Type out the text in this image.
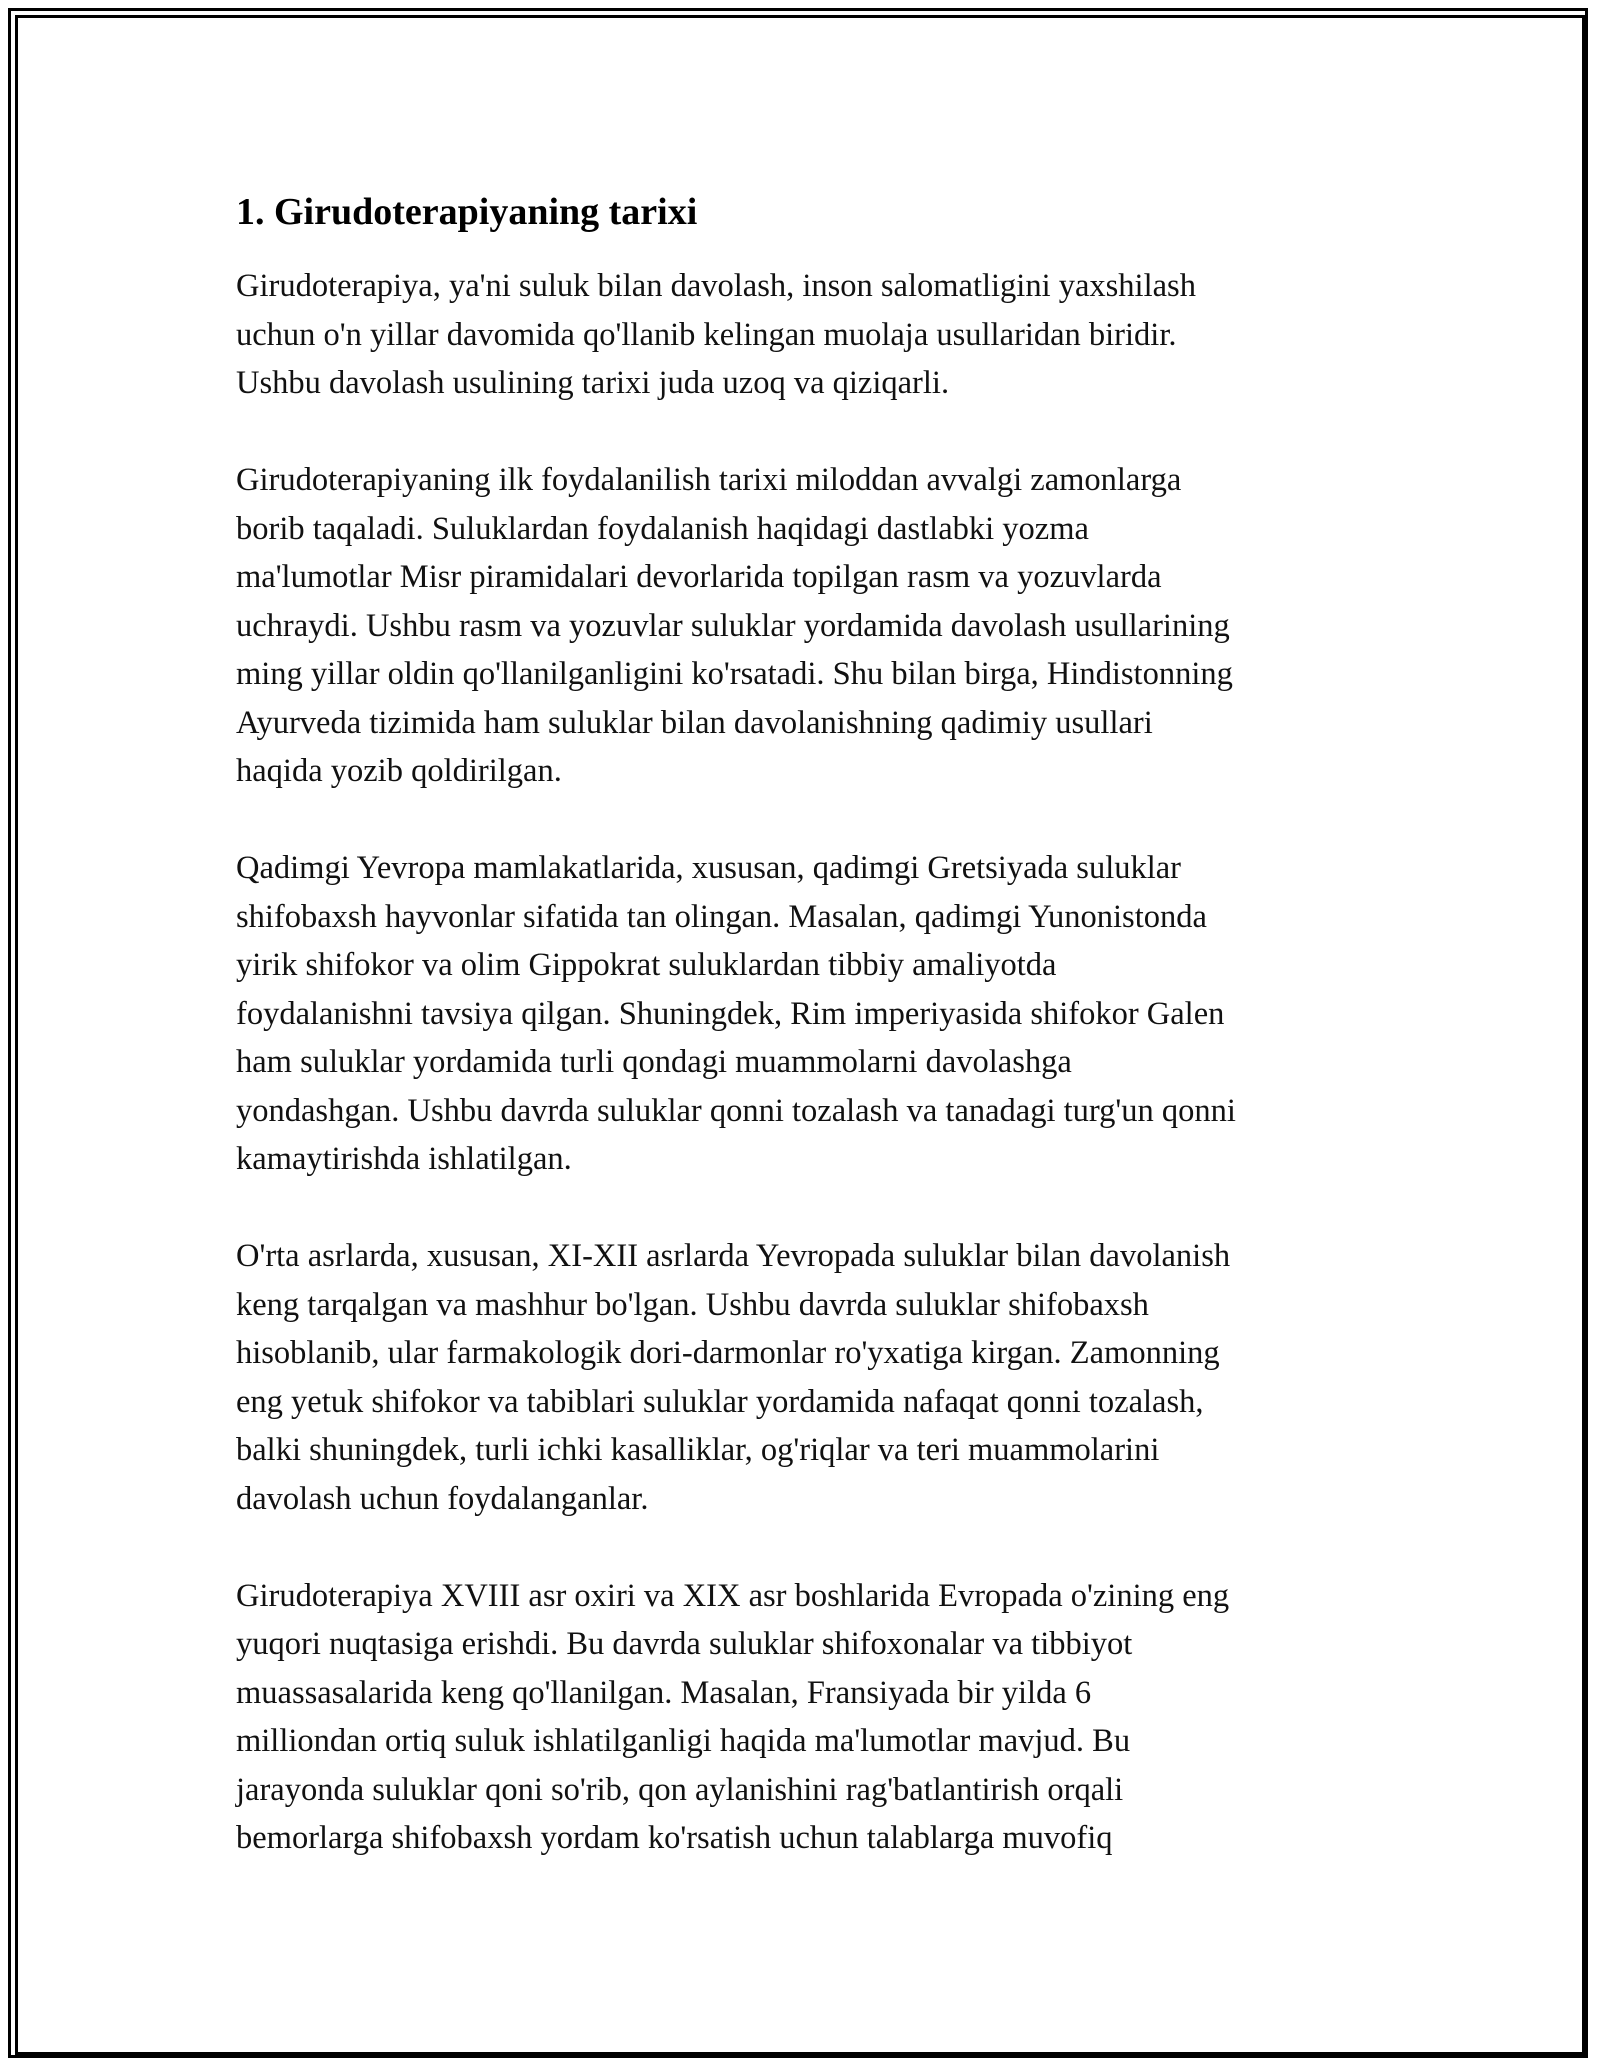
1. Girudoterapiyaning tarixi

Girudoterapiya, ya'ni suluk bilan davolash, inson salomatligini yaxshilash
uchun o'n yillar davomida qo'llanib kelingan muolaja usullaridan biridir.
Ushbu davolash usulining tarixi juda uzoq va qiziqarli.

Girudoterapiyaning ilk foydalanilish tarixi miloddan avvalgi zamonlarga
borib taqaladi. Suluklardan foydalanish haqidagi dastlabki yozma
ma'lumotlar Misr piramidalari devorlarida topilgan rasm va yozuvlarda
uchraydi. Ushbu rasm va yozuvlar suluklar yordamida davolash usullarining
ming yillar oldin qo'llanilganligini ko'rsatadi. Shu bilan birga, Hindistonning
Ayurveda tizimida ham suluklar bilan davolanishning qadimiy usullari
haqida yozib qoldirilgan.

Qadimgi Yevropa mamlakatlarida, xususan, qadimgi Gretsiyada suluklar
shifobaxsh hayvonlar sifatida tan olingan. Masalan, qadimgi Yunonistonda
yirik shifokor va olim Gippokrat suluklardan tibbiy amaliyotda
foydalanishni tavsiya qilgan. Shuningdek, Rim imperiyasida shifokor Galen
ham suluklar yordamida turli qondagi muammolarni davolashga
yondashgan. Ushbu davrda suluklar qonni tozalash va tanadagi turg'un qonni
kamaytirishda ishlatilgan.

O'rta asrlarda, xususan, XI-XII asrlarda Yevropada suluklar bilan davolanish
keng tarqalgan va mashhur bo'lgan. Ushbu davrda suluklar shifobaxsh
hisoblanib, ular farmakologik dori-darmonlar ro'yxatiga kirgan. Zamonning
eng yetuk shifokor va tabiblari suluklar yordamida nafaqat qonni tozalash,
balki shuningdek, turli ichki kasalliklar, og'riqlar va teri muammolarini
davolash uchun foydalanganlar.

Girudoterapiya XVIII asr oxiri va XIX asr boshlarida Evropada o'zining eng
yuqori nuqtasiga erishdi. Bu davrda suluklar shifoxonalar va tibbiyot
muassasalarida keng qo'llanilgan. Masalan, Fransiyada bir yilda 6
milliondan ortiq suluk ishlatilganligi haqida ma'lumotlar mavjud. Bu
jarayonda suluklar qoni so'rib, qon aylanishini rag'batlantirish orqali
bemorlarga shifobaxsh yordam ko'rsatish uchun talablarga muvofiq
